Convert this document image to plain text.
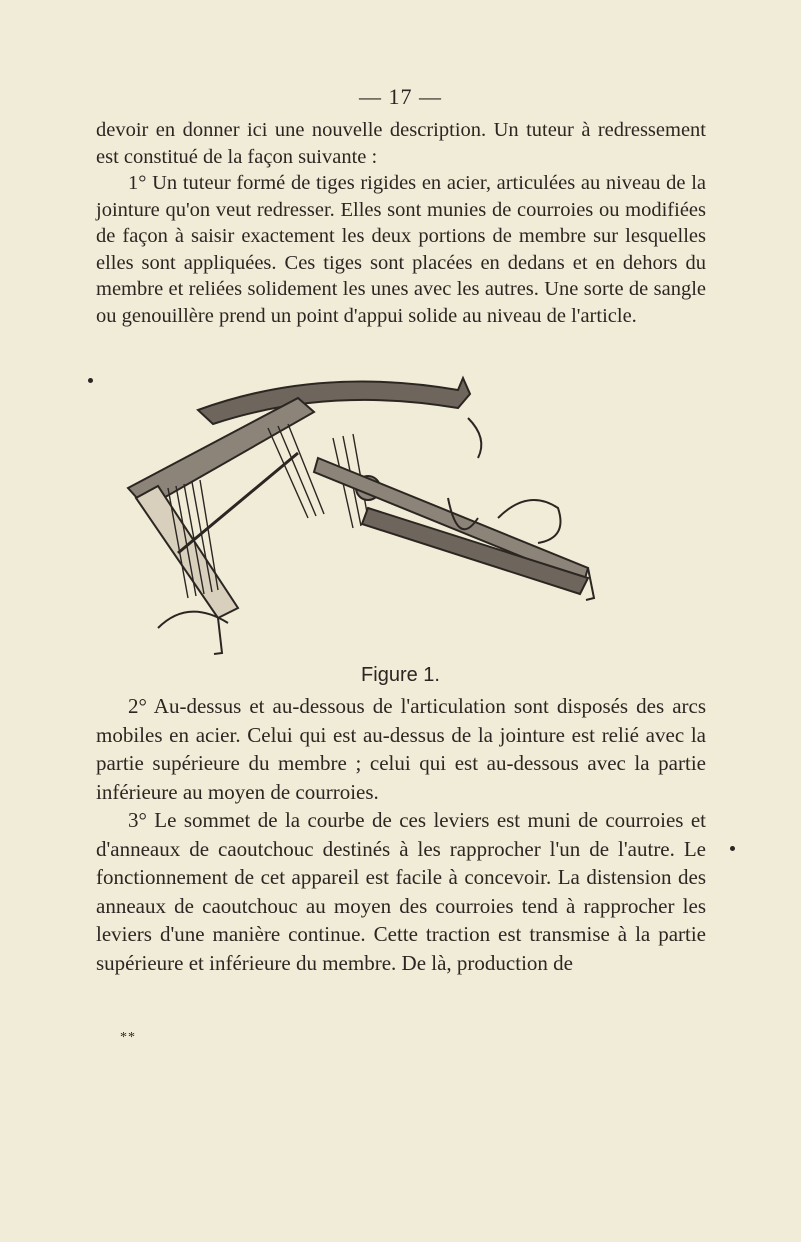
— 17 —

devoir en donner ici une nouvelle description. Un tuteur à redressement est constitué de la façon suivante :

1° Un tuteur formé de tiges rigides en acier, articulées au niveau de la jointure qu'on veut redresser. Elles sont munies de courroies ou modifiées de façon à saisir exactement les deux portions de membre sur lesquelles elles sont appliquées. Ces tiges sont placées en dedans et en dehors du membre et reliées solidement les unes avec les autres. Une sorte de sangle ou genouillère prend un point d'appui solide au niveau de l'article.

Figure 1.

2° Au-dessus et au-dessous de l'articulation sont disposés des arcs mobiles en acier. Celui qui est au-dessus de la jointure est relié avec la partie supérieure du membre ; celui qui est au-dessous avec la partie inférieure au moyen de courroies.

3° Le sommet de la courbe de ces leviers est muni de courroies et d'anneaux de caoutchouc destinés à les rapprocher l'un de l'autre. Le fonctionnement de cet appareil est facile à concevoir. La distension des anneaux de caoutchouc au moyen des courroies tend à rapprocher les leviers d'une manière continue. Cette traction est transmise à la partie supérieure et inférieure du membre. De là, production de

**
